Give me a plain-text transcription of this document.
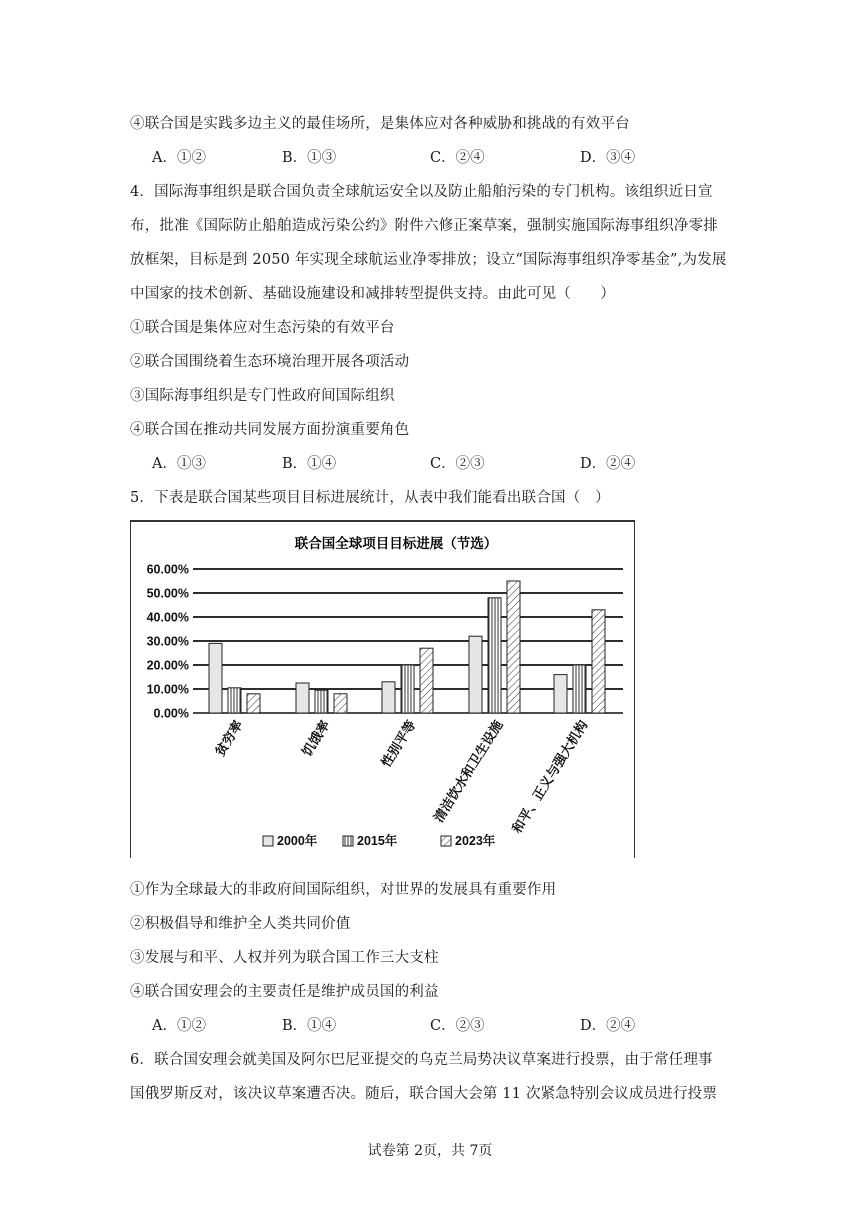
④联合国是实践多边主义的最佳场所，是集体应对各种威胁和挑战的有效平台
A．①②	B．①③	C．②④	D．③④
4．国际海事组织是联合国负责全球航运安全以及防止船舶污染的专门机构。该组织近日宣
布，批准《国际防止船舶造成污染公约》附件六修正案草案，强制实施国际海事组织净零排
放框架，目标是到 2050 年实现全球航运业净零排放；设立“国际海事组织净零基金”,为发展
中国家的技术创新、基础设施建设和减排转型提供支持。由此可见（　　）
①联合国是集体应对生态污染的有效平台
②联合国围绕着生态环境治理开展各项活动
③国际海事组织是专门性政府间国际组织
④联合国在推动共同发展方面扮演重要角色
A．①③	B．①④	C．②③	D．②④
5．下表是联合国某些项目目标进展统计，从表中我们能看出联合国（　）
联合国全球项目目标进展（节选）
0.00%
10.00%
20.00%
30.00%
40.00%
50.00%
60.00%
贫穷率	饥饿率	性别平等 清洁饮水和卫生设施 和平、正义与强大机构
2000年	2015年	2023年
①作为全球最大的非政府间国际组织，对世界的发展具有重要作用
②积极倡导和维护全人类共同价值
③发展与和平、人权并列为联合国工作三大支柱
④联合国安理会的主要责任是维护成员国的利益
A．①②	B．①④	C．②③	D．②④
6．联合国安理会就美国及阿尔巴尼亚提交的乌克兰局势决议草案进行投票，由于常任理事
国俄罗斯反对，该决议草案遭否决。随后，联合国大会第 11 次紧急特别会议成员进行投票
试卷第 2页，共 7页
